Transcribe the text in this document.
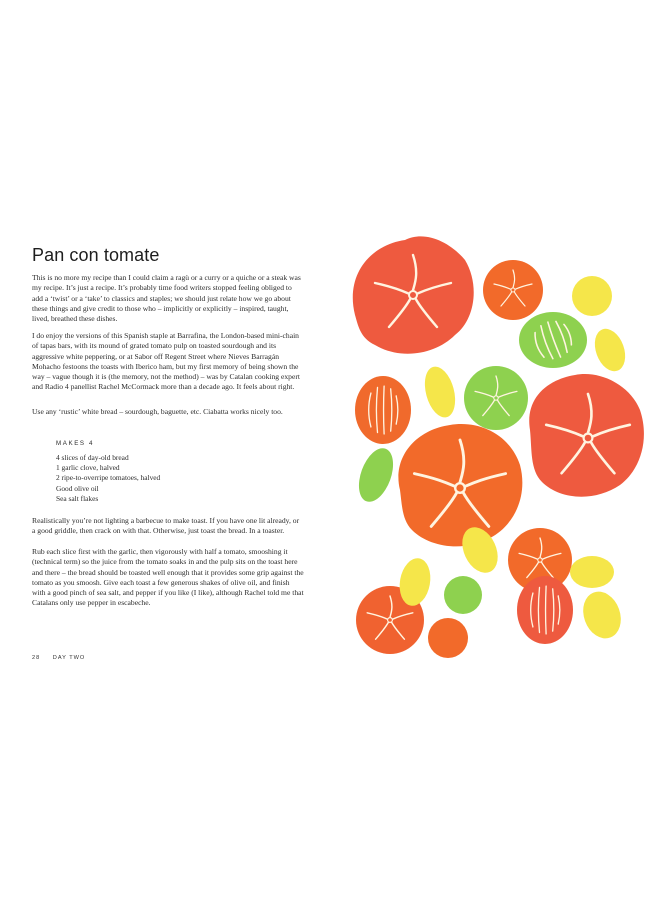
Pan con tomate

This is no more my recipe than I could claim a ragù or a curry or a quiche or a steak was my recipe. It’s just a recipe. It’s probably time food writers stopped feeling obliged to add a ‘twist’ or a ‘take’ to classics and staples; we should just relate how we go about these things and give credit to those who – implicitly or explicitly – inspired, taught, lived, breathed these dishes.

I do enjoy the versions of this Spanish staple at Barrafina, the London-based mini-chain of tapas bars, with its mound of grated tomato pulp on toasted sourdough and its aggressive white peppering, or at Sabor off Regent Street where Nieves Barragán Mohacho festoons the toasts with Iberico ham, but my first memory of being shown the way – vague though it is (the memory, not the method) – was by Catalan cooking expert and Radio 4 panellist Rachel McCormack more than a decade ago. It feels about right.

Use any ‘rustic’ white bread – sourdough, baguette, etc. Ciabatta works nicely too.

MAKES 4

4 slices of day-old bread
1 garlic clove, halved
2 ripe-to-overripe tomatoes, halved
Good olive oil
Sea salt flakes

Realistically you’re not lighting a barbecue to make toast. If you have one lit already, or a good griddle, then crack on with that. Otherwise, just toast the bread. In a toaster.

Rub each slice first with the garlic, then vigorously with half a tomato, smooshing it (technical term) so the juice from the tomato soaks in and the pulp sits on the toast here and there – the bread should be toasted well enough that it provides some grip against the tomato as you smoosh. Give each toast a few generous shakes of olive oil, and finish with a good pinch of sea salt, and pepper if you like (I like), although Rachel told me that Catalans only use pepper in escabeche.

28 DAY TWO
